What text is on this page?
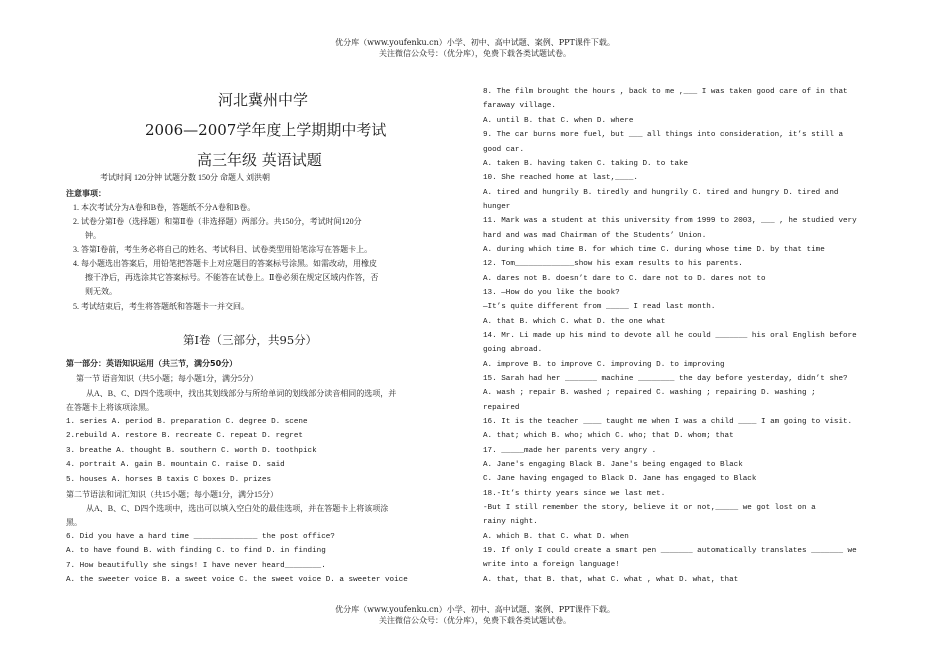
优分库（www.youfenku.cn）小学、初中、高中试题、案例、PPT课件下载。
关注微信公众号：（优分库），免费下载各类试题试卷。
河北冀州中学
2006—2007学年度上学期期中考试
高三年级 英语试题
考试时间 120分钟 试题分数 150分 命题人 刘洪朝
注意事项：
1. 本次考试分为A卷和B卷，答题纸不分A卷和B卷。
2. 试卷分第Ⅰ卷（选择题）和第Ⅱ卷（非选择题）两部分。共150分，考试时间120分
钟。
3. 答第Ⅰ卷前，考生务必将自己的姓名、考试科目、试卷类型用铅笔涂写在答题卡上。
4. 每小题选出答案后，用铅笔把答题卡上对应题目的答案标号涂黑。如需改动，用橡皮
擦干净后，再选涂其它答案标号。不能答在试卷上。Ⅱ卷必须在规定区域内作答，否
则无效。
5. 考试结束后，考生将答题纸和答题卡一并交回。
第Ⅰ卷（三部分，共95分）
第一部分：英语知识运用（共三节，满分50分）
第一节 语音知识（共5小题；每小题1分，满分5分）
从A、B、C、D四个选项中，找出其划线部分与所给单词的划线部分读音相同的选项，并
在答题卡上将该项涂黑。
1. series A. period B. preparation C. degree D. scene
2.rebuild A. restore B. recreate C. repeat D. regret
3. breathe A. thought B. southern C. worth D. toothpick
4. portrait A. gain B. mountain C. raise D. said
5. houses A. horses B taxis C boxes D. prizes
第二节语法和词汇知识（共15小题；每小题1分，满分15分）
从A、B、C、D四个选项中，选出可以填入空白处的最佳选项，并在答题卡上将该项涂
黑。
6. Did you have a hard time ______________ the post office?
A. to have found B. with finding C. to find D. in finding
7. How beautifully she sings! I have never heard________.
A. the sweeter voice B. a sweet voice C. the sweet voice D. a sweeter voice
8. The film brought the hours , back to me ,___ I was taken good care of in that
faraway village.
A. until B. that C. when D. where
9. The car burns more fuel, but ___ all things into consideration, it’s still a
good car.
A. taken B. having taken C. taking D. to take
10. She reached home at last,____.
A. tired and hungrily B. tiredly and hungrily C. tired and hungry D. tired and
hunger
11. Mark was a student at this university from 1999 to 2003, ___ , he studied very
hard and was mad Chairman of the Students’ Union.
A. during which time B. for which time C. during whose time D. by that time
12. Tom_____________show his exam results to his parents.
A. dares not B. doesn’t dare to C. dare not to D. dares not to
13. —How do you like the book?
—It’s quite different from _____ I read last month.
A. that B. which C. what D. the one what
14. Mr. Li made up his mind to devote all he could _______ his oral English before
going abroad.
A. improve B. to improve C. improving D. to improving
15. Sarah had her _______ machine ________ the day before yesterday, didn’t she?
A. wash ; repair B. washed ; repaired C. washing ; repairing D. washing ;
repaired
16. It is the teacher ____ taught me when I was a child ____ I am going to visit.
A. that; which B. who; which C. who; that D. whom; that
17. _____made her parents very angry .
A. Jane's engaging Black B. Jane's being engaged to Black
C. Jane having engaged to Black D. Jane has engaged to Black
18.-It’s thirty years since we last met.
-But I still remember the story, believe it or not,_____ we got lost on a
rainy night.
A. which B. that C. what D. when
19. If only I could create a smart pen _______ automatically translates _______ we
write into a foreign language!
A. that, that B. that, what C. what , what D. what, that
优分库（www.youfenku.cn）小学、初中、高中试题、案例、PPT课件下载。
关注微信公众号：（优分库），免费下载各类试题试卷。
